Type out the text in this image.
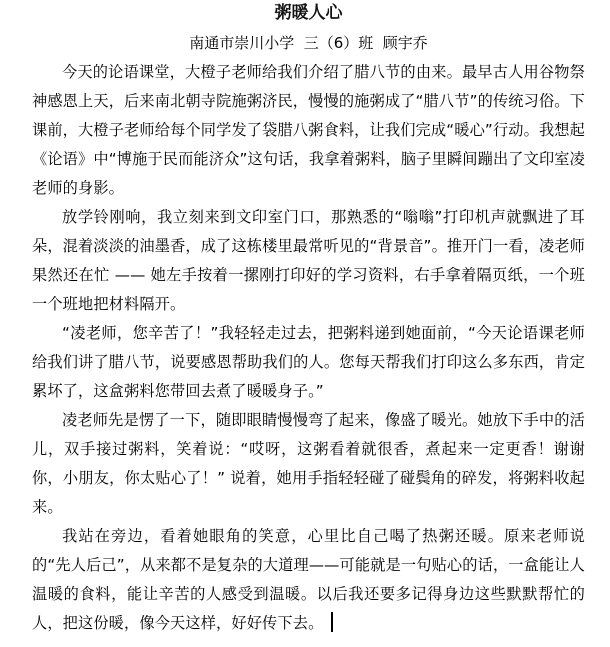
粥暖人心
南通市崇川小学  三（6）班  顾宇乔

今天的论语课堂，大橙子老师给我们介绍了腊八节的由来。最早古人用谷物祭神感恩上天，后来南北朝寺院施粥济民，慢慢的施粥成了“腊八节”的传统习俗。下课前，大橙子老师给每个同学发了袋腊八粥食料，让我们完成“暖心”行动。我想起《论语》中“博施于民而能济众”这句话，我拿着粥料，脑子里瞬间蹦出了文印室凌老师的身影。

放学铃刚响，我立刻来到文印室门口，那熟悉的“嗡嗡”打印机声就飘进了耳朵，混着淡淡的油墨香，成了这栋楼里最常听见的“背景音”。推开门一看，凌老师果然还在忙 —— 她左手按着一摞刚打印好的学习资料，右手拿着隔页纸，一个班一个班地把材料隔开。

“凌老师，您辛苦了！”我轻轻走过去，把粥料递到她面前，“今天论语课老师给我们讲了腊八节，说要感恩帮助我们的人。您每天帮我们打印这么多东西，肯定累坏了，这盒粥料您带回去煮了暖暖身子。”

凌老师先是愣了一下，随即眼睛慢慢弯了起来，像盛了暖光。她放下手中的活儿，双手接过粥料，笑着说：“哎呀，这粥看着就很香，煮起来一定更香！谢谢你，小朋友，你太贴心了！” 说着，她用手指轻轻碰了碰鬓角的碎发，将粥料收起来。

我站在旁边，看着她眼角的笑意，心里比自己喝了热粥还暖。原来老师说的“先人后己”，从来都不是复杂的大道理——可能就是一句贴心的话，一盒能让人温暖的食料，能让辛苦的人感受到温暖。以后我还要多记得身边这些默默帮忙的人，把这份暖，像今天这样，好好传下去。
